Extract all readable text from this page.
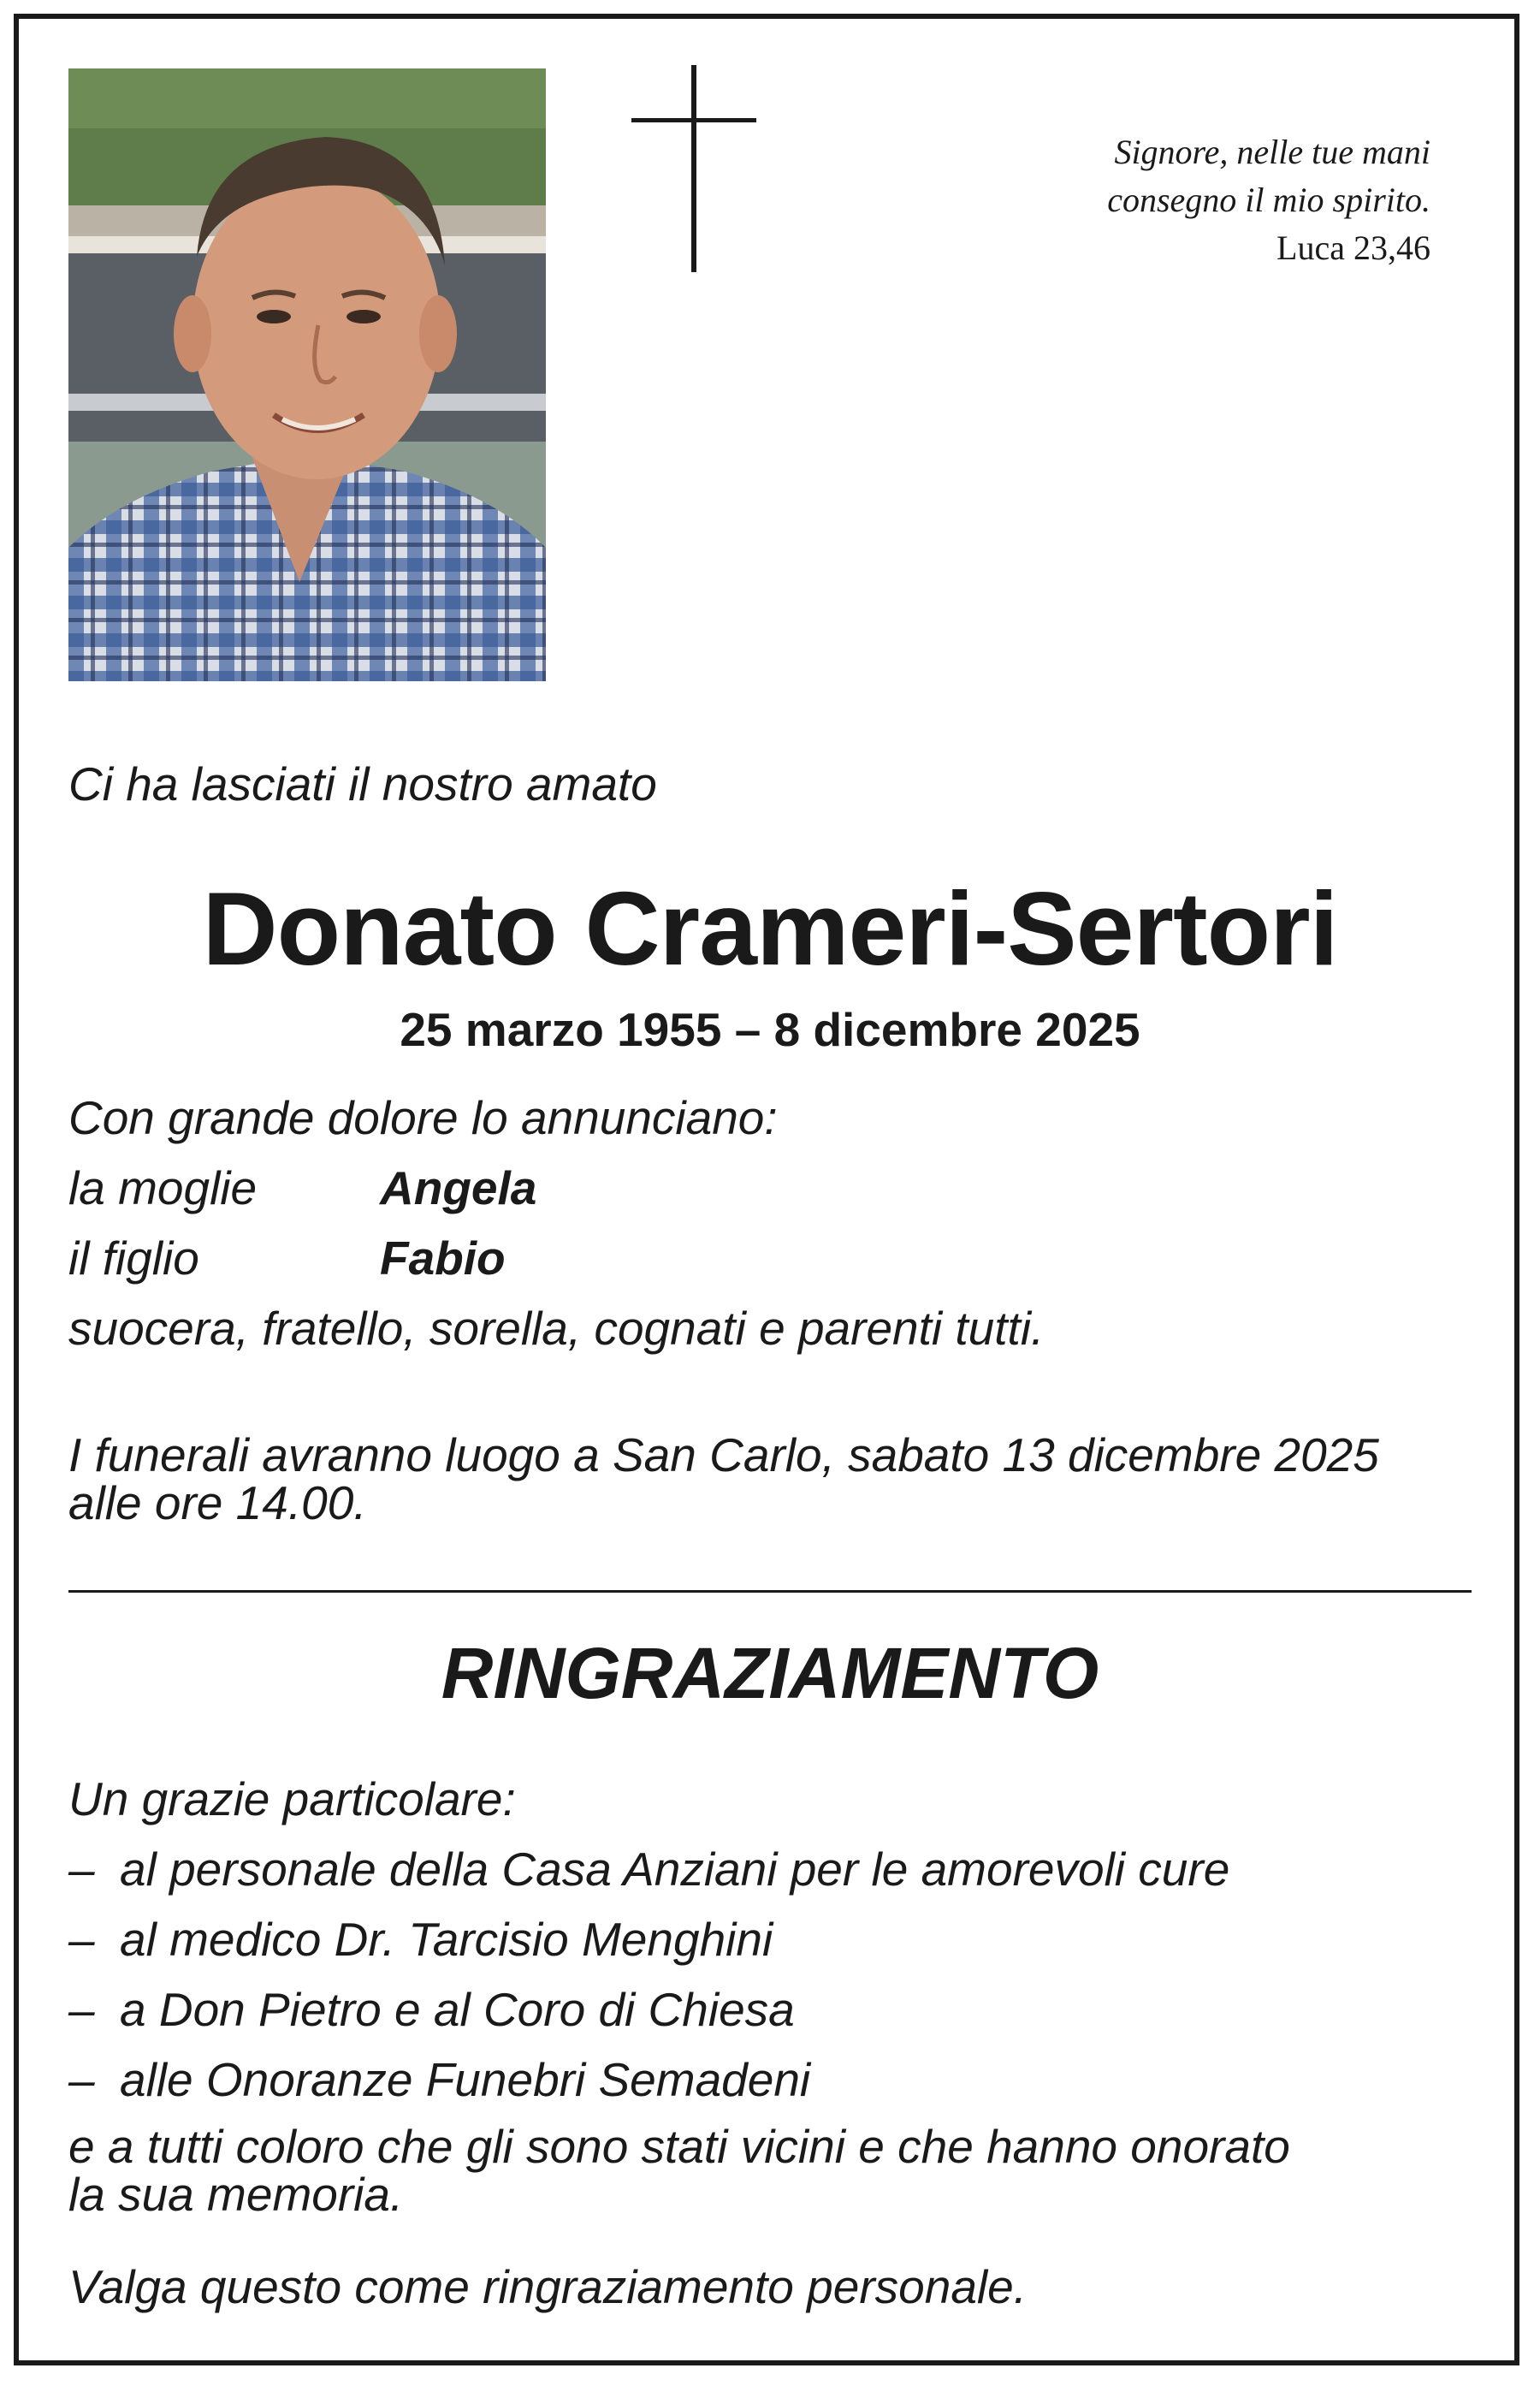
Signore, nelle tue mani
consegno il mio spirito.
Luca 23,46
Ci ha lasciati il nostro amato
Donato Crameri-Sertori
25 marzo 1955 – 8 dicembre 2025
Con grande dolore lo annunciano:
la moglie	Angela
il figlio	Fabio
suocera, fratello, sorella, cognati e parenti tutti.
I funerali avranno luogo a San Carlo, sabato 13 dicembre 2025
alle ore 14.00.
RINGRAZIAMENTO
Un grazie particolare:
– al personale della Casa Anziani per le amorevoli cure
– al medico Dr. Tarcisio Menghini
– a Don Pietro e al Coro di Chiesa
– alle Onoranze Funebri Semadeni
e a tutti coloro che gli sono stati vicini e che hanno onorato
la sua memoria.
Valga questo come ringraziamento personale.
